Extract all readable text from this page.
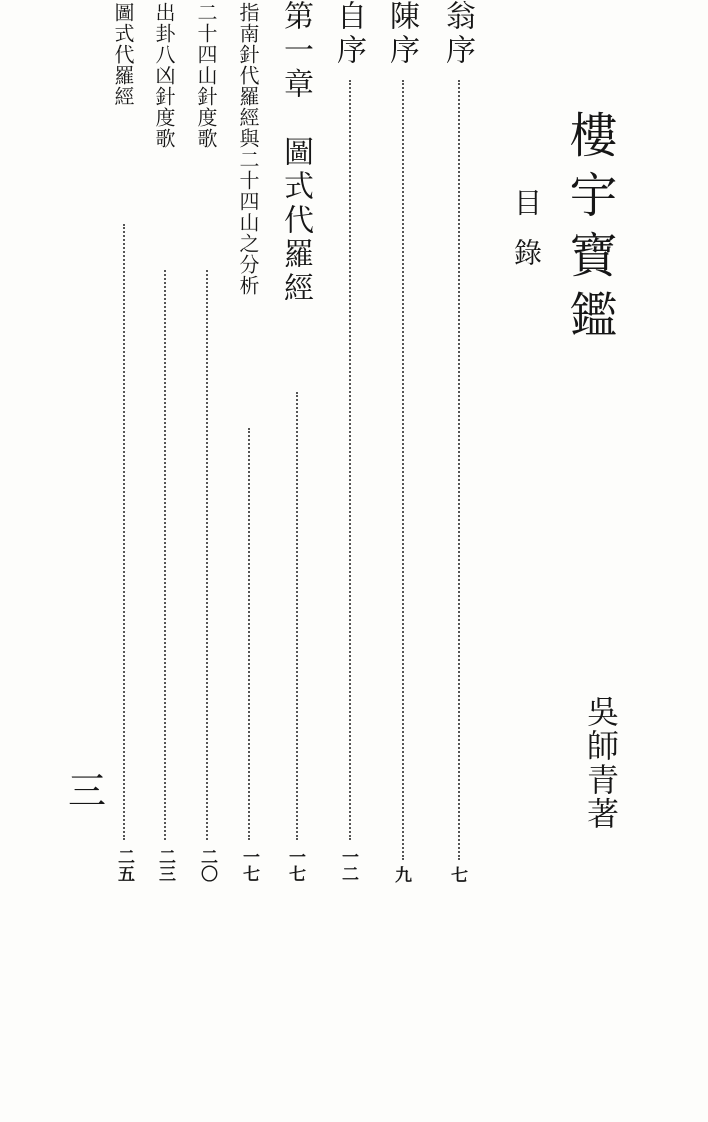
樓宇寶鑑
目錄
吳師青著
三
翁序
七
陳序
九
自序
一二
第一章　圖式代羅經
一七
指南針代羅經與二十四山之分析
一七
二十四山針度歌
二〇
出卦八凶針度歌
二三
圖式代羅經
二五
